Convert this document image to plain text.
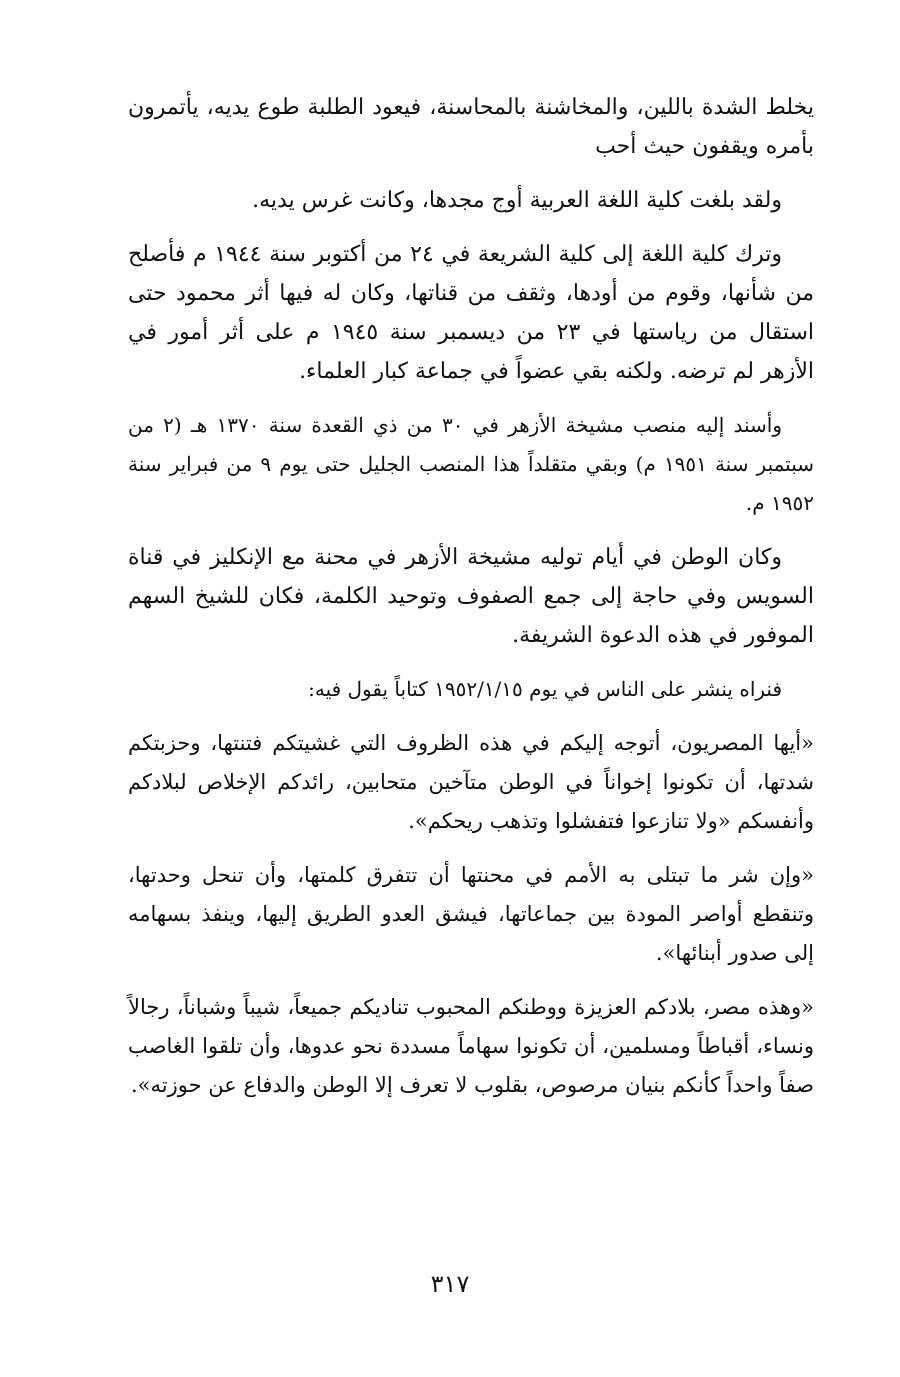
يخلط الشدة باللين، والمخاشنة بالمحاسنة، فيعود الطلبة طوع يديه، يأتمرون بأمره ويقفون حيث أحب

ولقد بلغت كلية اللغة العربية أوج مجدها، وكانت غرس يديه.

وترك كلية اللغة إلى كلية الشريعة في ٢٤ من أكتوبر سنة ١٩٤٤ م فأصلح من شأنها، وقوم من أودها، وثقف من قناتها، وكان له فيها أثر محمود حتى استقال من رياستها في ٢٣ من ديسمبر سنة ١٩٤٥ م على أثر أمور في الأزهر لم ترضه. ولكنه بقي عضواً في جماعة كبار العلماء.

وأسند إليه منصب مشيخة الأزهر في ٣٠ من ذي القعدة سنة ١٣٧٠ هـ (٢ من سبتمبر سنة ١٩٥١ م) وبقي متقلداً هذا المنصب الجليل حتى يوم ٩ من فبراير سنة ١٩٥٢ م.

وكان الوطن في أيام توليه مشيخة الأزهر في محنة مع الإنكليز في قناة السويس وفي حاجة إلى جمع الصفوف وتوحيد الكلمة، فكان للشيخ السهم الموفور في هذه الدعوة الشريفة.

فنراه ينشر على الناس في يوم ١٩٥٢/١/١٥ كتاباً يقول فيه:

«أيها المصريون، أتوجه إليكم في هذه الظروف التي غشيتكم فتنتها، وحزبتكم شدتها، أن تكونوا إخواناً في الوطن متآخين متحابين، رائدكم الإخلاص لبلادكم وأنفسكم «ولا تنازعوا فتفشلوا وتذهب ريحكم».

«وإن شر ما تبتلى به الأمم في محنتها أن تتفرق كلمتها، وأن تنحل وحدتها، وتنقطع أواصر المودة بين جماعاتها، فيشق العدو الطريق إليها، وينفذ بسهامه إلى صدور أبنائها».

«وهذه مصر، بلادكم العزيزة ووطنكم المحبوب تناديكم جميعاً، شيباً وشباناً، رجالاً ونساء، أقباطاً ومسلمين، أن تكونوا سهاماً مسددة نحو عدوها، وأن تلقوا الغاصب صفاً واحداً كأنكم بنيان مرصوص، بقلوب لا تعرف إلا الوطن والدفاع عن حوزته».

٣١٧
